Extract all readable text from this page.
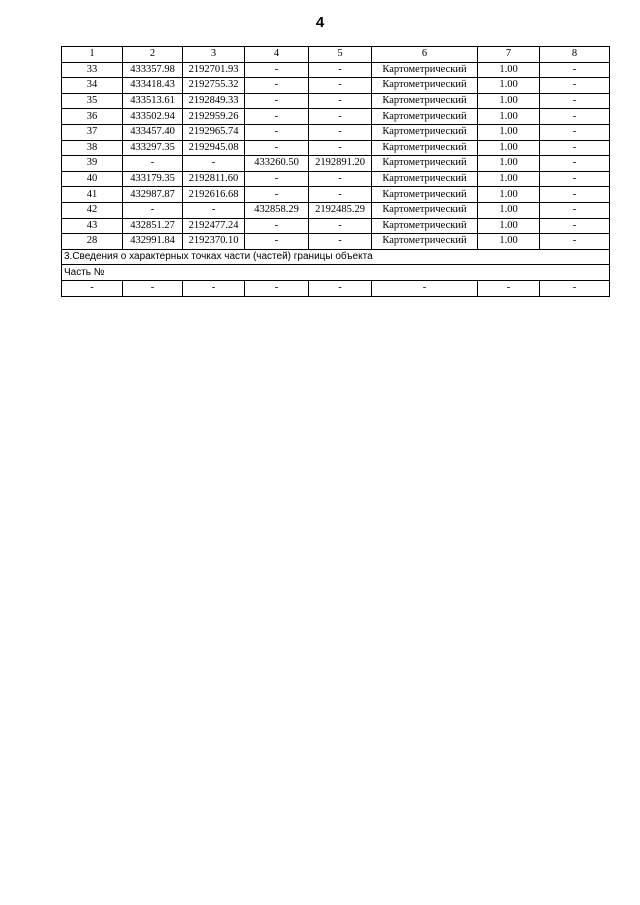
4
1	2	3	4	5	6	7	8
33	433357.98	2192701.93	-	-	Картометрический	1.00	-
34	433418.43	2192755.32	-	-	Картометрический	1.00	-
35	433513.61	2192849.33	-	-	Картометрический	1.00	-
36	433502.94	2192959.26	-	-	Картометрический	1.00	-
37	433457.40	2192965.74	-	-	Картометрический	1.00	-
38	433297.35	2192945.08	-	-	Картометрический	1.00	-
39	-	-	433260.50	2192891.20	Картометрический	1.00	-
40	433179.35	2192811.60	-	-	Картометрический	1.00	-
41	432987.87	2192616.68	-	-	Картометрический	1.00	-
42	-	-	432858.29	2192485.29	Картометрический	1.00	-
43	432851.27	2192477.24	-	-	Картометрический	1.00	-
28	432991.84	2192370.10	-	-	Картометрический	1.00	-
3.Сведения о характерных точках части (частей) границы объекта							
Часть №							
-	-	-	-	-	-	-	-
